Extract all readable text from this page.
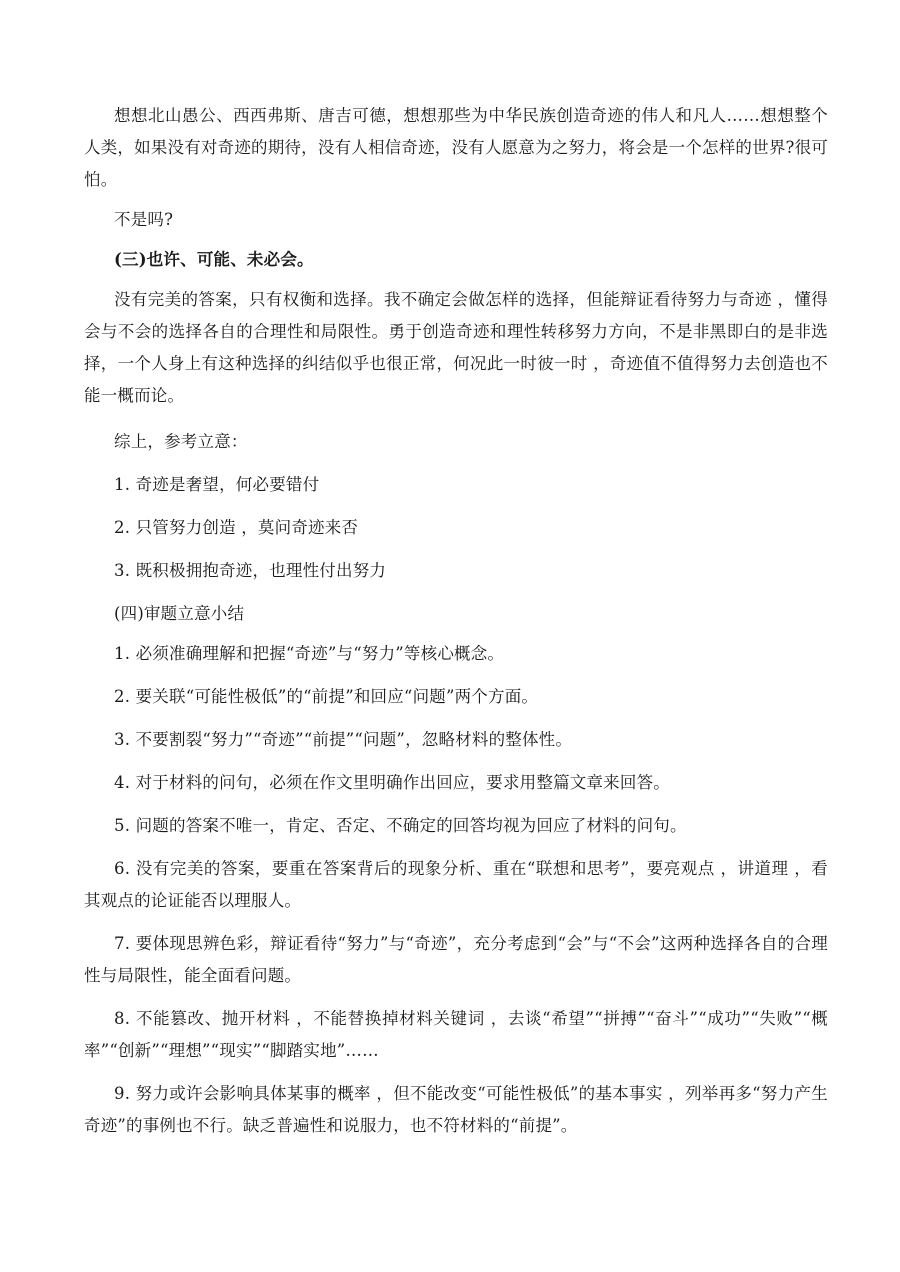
想想北山愚公、西西弗斯、唐吉可德，想想那些为中华民族创造奇迹的伟人和凡人……想想整个人类，如果没有对奇迹的期待，没有人相信奇迹，没有人愿意为之努力，将会是一个怎样的世界?很可怕。

不是吗?

(三)也许、可能、未必会。

没有完美的答案，只有权衡和选择。我不确定会做怎样的选择，但能辩证看待努力与奇迹 ，懂得会与不会的选择各自的合理性和局限性。勇于创造奇迹和理性转移努力方向，不是非黑即白的是非选择，一个人身上有这种选择的纠结似乎也很正常，何况此一时彼一时 ，奇迹值不值得努力去创造也不能一概而论。

综上，参考立意：

1. 奇迹是奢望，何必要错付

2. 只管努力创造 ，莫问奇迹来否

3. 既积极拥抱奇迹，也理性付出努力

(四)审题立意小结

1. 必须准确理解和把握“奇迹”与“努力”等核心概念。

2. 要关联“可能性极低”的“前提”和回应“问题”两个方面。

3. 不要割裂“努力”“奇迹”“前提”“问题”，忽略材料的整体性。

4. 对于材料的问句，必须在作文里明确作出回应，要求用整篇文章来回答。

5. 问题的答案不唯一，肯定、否定、不确定的回答均视为回应了材料的问句。

6. 没有完美的答案，要重在答案背后的现象分析、重在“联想和思考”，要亮观点 ，讲道理 ，看其观点的论证能否以理服人。

7. 要体现思辨色彩，辩证看待“努力”与“奇迹”，充分考虑到“会”与“不会”这两种选择各自的合理性与局限性，能全面看问题。

8. 不能篡改、抛开材料 ，不能替换掉材料关键词 ，去谈“希望”“拼搏”“奋斗”“成功”“失败”“概率”“创新”“理想”“现实”“脚踏实地”……

9. 努力或许会影响具体某事的概率 ，但不能改变“可能性极低”的基本事实 ，列举再多“努力产生奇迹”的事例也不行。缺乏普遍性和说服力，也不符材料的“前提”。
